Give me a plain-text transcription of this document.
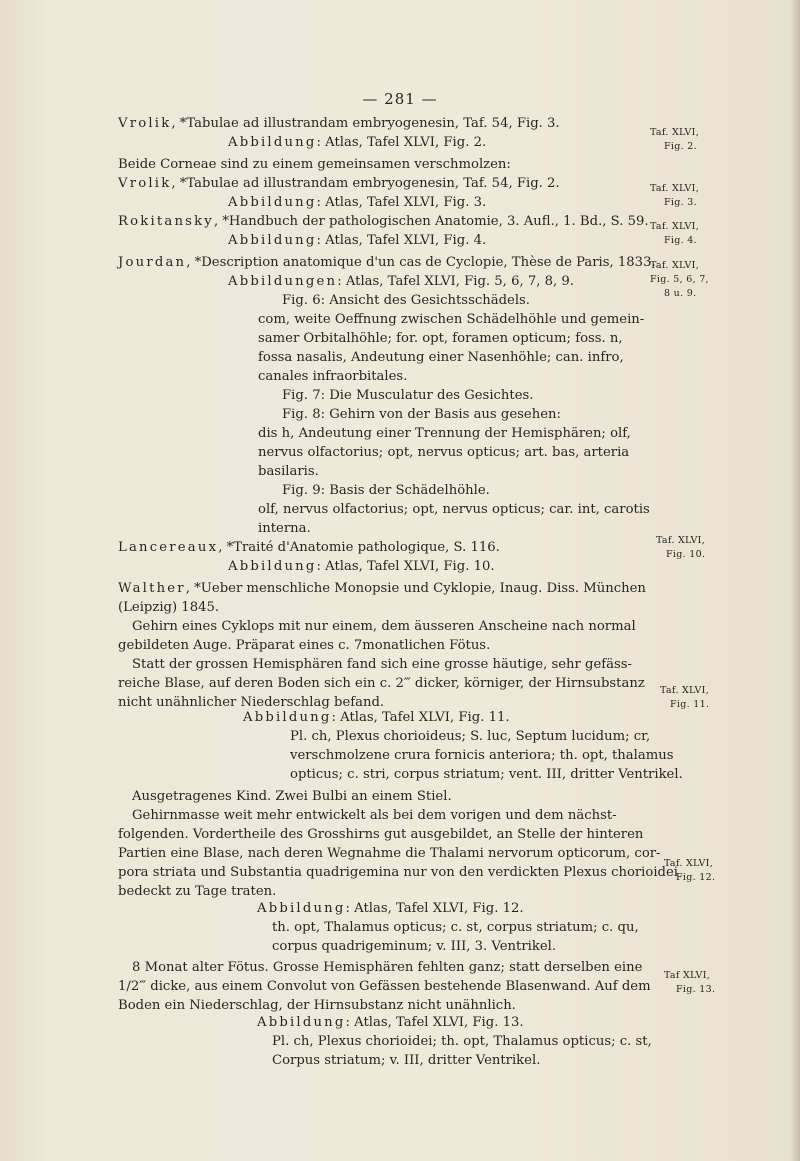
— 281 —
Vrolik, *Tabulae ad illustrandam embryogenesin, Taf. 54, Fig. 3.
Abbildung: Atlas, Tafel XLVI, Fig. 2.
Beide Corneae sind zu einem gemeinsamen verschmolzen:
Vrolik, *Tabulae ad illustrandam embryogenesin, Taf. 54, Fig. 2.
Abbildung: Atlas, Tafel XLVI, Fig. 3.
Rokitansky, *Handbuch der pathologischen Anatomie, 3. Aufl., 1. Bd., S. 59.
Abbildung: Atlas, Tafel XLVI, Fig. 4.
Jourdan, *Description anatomique d'un cas de Cyclopie, Thèse de Paris, 1833.
Abbildungen: Atlas, Tafel XLVI, Fig. 5, 6, 7, 8, 9.
Fig. 6: Ansicht des Gesichtsschädels.
com, weite Oeffnung zwischen Schädelhöhle und gemein-
samer Orbitalhöhle; for. opt, foramen opticum; foss. n,
fossa nasalis, Andeutung einer Nasenhöhle; can. infro,
canales infraorbitales.
Fig. 7: Die Musculatur des Gesichtes.
Fig. 8: Gehirn von der Basis aus gesehen:
dis h, Andeutung einer Trennung der Hemisphären; olf,
nervus olfactorius; opt, nervus opticus; art. bas, arteria
basilaris.
Fig. 9: Basis der Schädelhöhle.
olf, nervus olfactorius; opt, nervus opticus; car. int, carotis
interna.
Lancereaux, *Traité d'Anatomie pathologique, S. 116.
Abbildung: Atlas, Tafel XLVI, Fig. 10.
Walther, *Ueber menschliche Monopsie und Cyklopie, Inaug. Diss. München
(Leipzig) 1845.
Gehirn eines Cyklops mit nur einem, dem äusseren Anscheine nach normal
gebildeten Auge. Präparat eines c. 7monatlichen Fötus.
Statt der grossen Hemisphären fand sich eine grosse häutige, sehr gefäss-
reiche Blase, auf deren Boden sich ein c. 2‴ dicker, körniger, der Hirnsubstanz
nicht unähnlicher Niederschlag befand.
Abbildung: Atlas, Tafel XLVI, Fig. 11.
Pl. ch, Plexus chorioideus; S. luc, Septum lucidum; cr,
verschmolzene crura fornicis anteriora; th. opt, thalamus
opticus; c. stri, corpus striatum; vent. III, dritter Ventrikel.
Ausgetragenes Kind. Zwei Bulbi an einem Stiel.
Gehirnmasse weit mehr entwickelt als bei dem vorigen und dem nächst-
folgenden. Vordertheile des Grosshirns gut ausgebildet, an Stelle der hinteren
Partien eine Blase, nach deren Wegnahme die Thalami nervorum opticorum, cor-
pora striata und Substantia quadrigemina nur von den verdickten Plexus chorioidei
bedeckt zu Tage traten.
Abbildung: Atlas, Tafel XLVI, Fig. 12.
th. opt, Thalamus opticus; c. st, corpus striatum; c. qu,
corpus quadrigeminum; v. III, 3. Ventrikel.
8 Monat alter Fötus. Grosse Hemisphären fehlten ganz; statt derselben eine
1/2‴ dicke, aus einem Convolut von Gefässen bestehende Blasenwand. Auf dem
Boden ein Niederschlag, der Hirnsubstanz nicht unähnlich.
Abbildung: Atlas, Tafel XLVI, Fig. 13.
Pl. ch, Plexus chorioidei; th. opt, Thalamus opticus; c. st,
Corpus striatum; v. III, dritter Ventrikel.
Taf. XLVI,
Fig. 2.
Taf. XLVI,
Fig. 3.
Taf. XLVI,
Fig. 4.
Taf. XLVI,
Fig. 5, 6, 7,
8 u. 9.
Taf. XLVI,
Fig. 10.
Taf. XLVI,
Fig. 11.
Taf. XLVI,
Fig. 12.
Taf XLVI,
Fig. 13.
